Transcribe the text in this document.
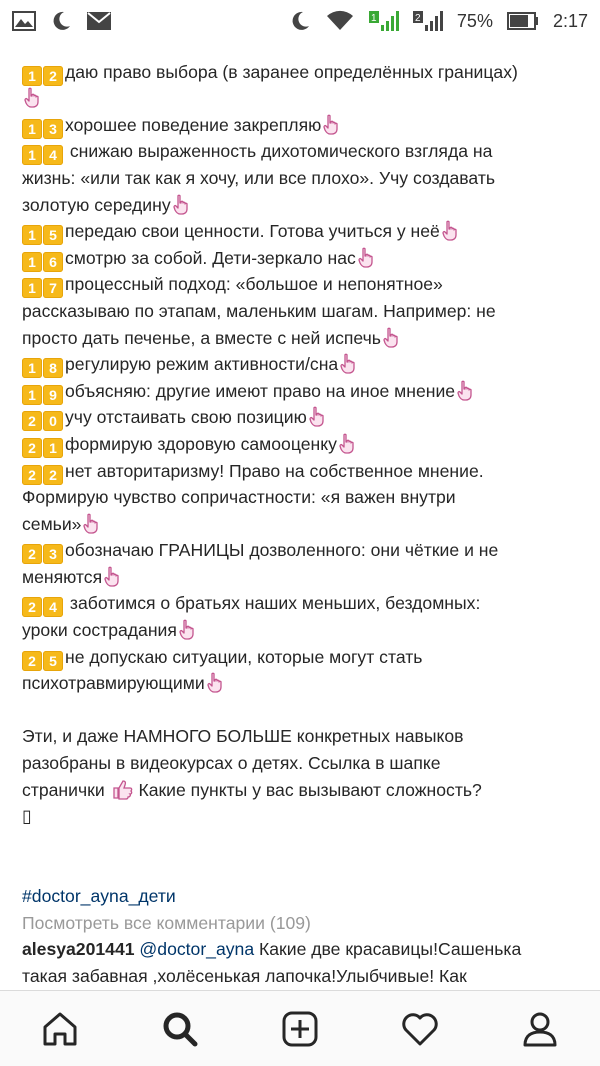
1	2 75%	2:17
1 2 даю право выбора (в заранее определённых границах)
1 3 хорошее поведение закрепляю
1 4 снижаю выраженность дихотомического взгляда на
жизнь: «или так как я хочу, или все плохо». Учу создавать
золотую середину
1 5 передаю свои ценности. Готова учиться у неё
1 6 смотрю за собой. Дети-зеркало нас
1 7 процессный подход: «большое и непонятное»
рассказываю по этапам, маленьким шагам. Например: не
просто дать печенье, а вместе с ней испечь
1 8 регулирую режим активности/сна
1 9 объясняю: другие имеют право на иное мнение
2 0 учу отстаивать свою позицию
2 1 формирую здоровую самооценку
2 2 нет авторитаризму! Право на собственное мнение.
Формирую чувство сопричастности: «я важен внутри
семьи»
2 3 обозначаю ГРАНИЦЫ дозволенного: они чёткие и не
меняются
2 4 заботимся о братьях наших меньших, бездомных:
уроки сострадания
2 5 не допускаю ситуации, которые могут стать
психотравмирующими
Эти, и даже НАМНОГО БОЛЬШЕ конкретных навыков
разобраны в видеокурсах о детях. Ссылка в шапке
странички  Какие пункты у вас вызывают сложность?
▯
#doctor_ayna_дети
Посмотреть все комментарии (109)
alesya201441 @doctor_ayna Какие две красавицы!Сашенька
такая забавная ,холёсенькая лапочка!Улыбчивые! Как
